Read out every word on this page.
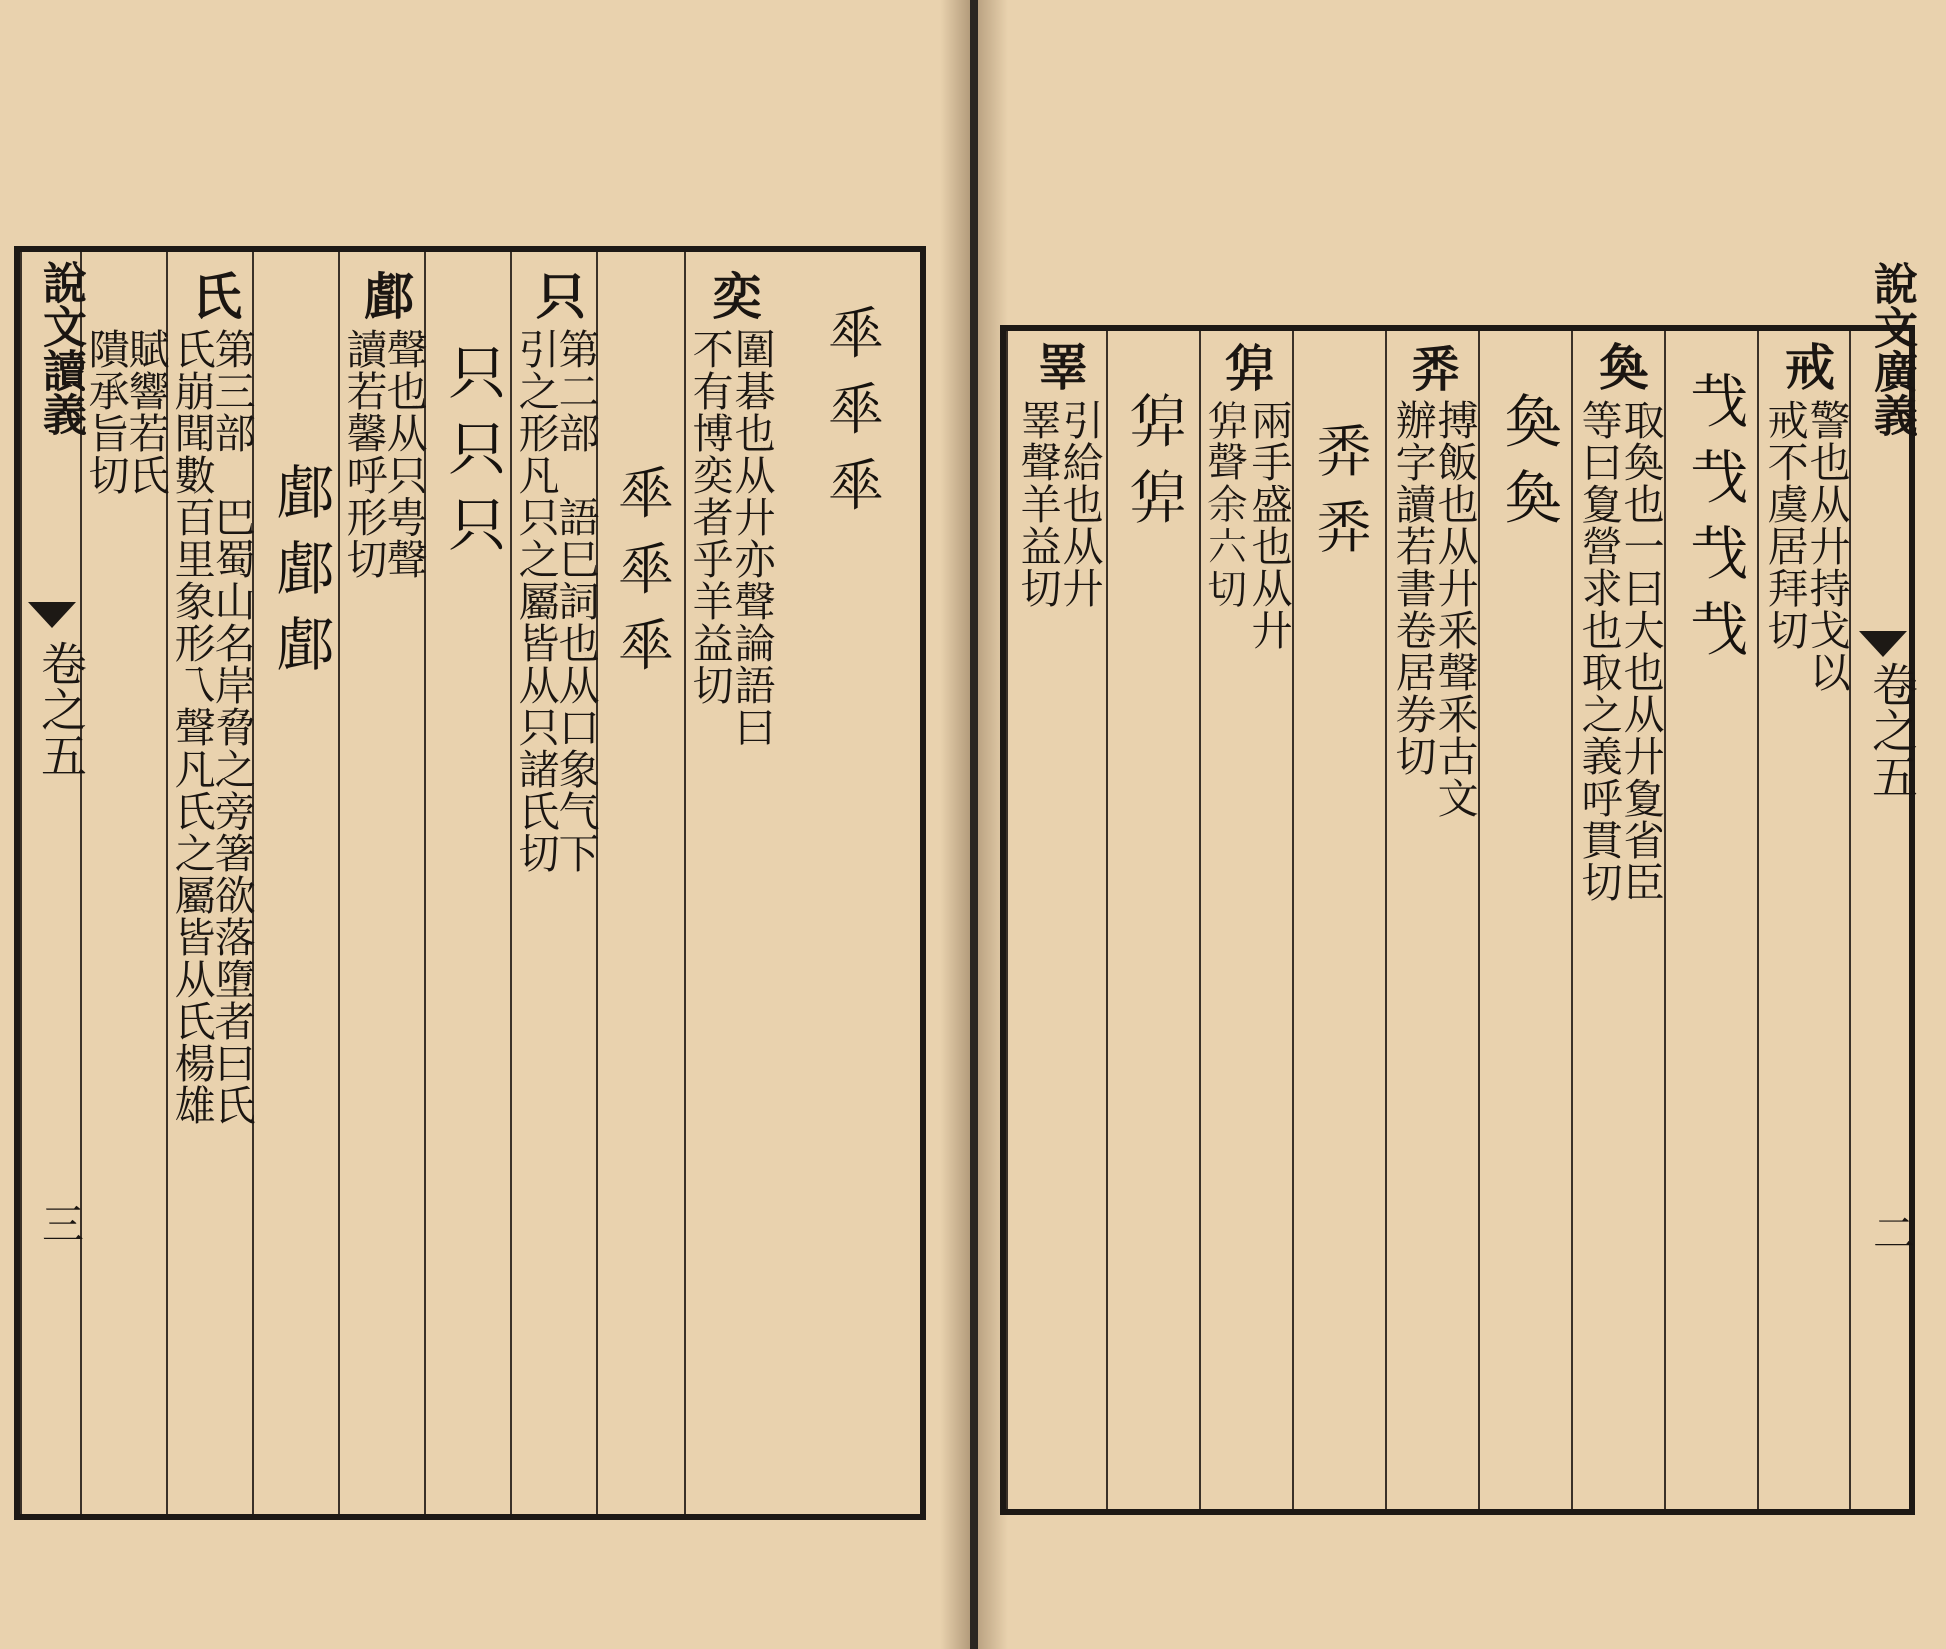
𠦬𠦬𠦬
奕
圍碁也从廾亦聲論語曰
不有博奕者乎羊益切
𠦬𠦬𠦬
只
第二部　語巳詞也从口象气下
引之形凡只之屬皆从只諸氏切
只只只
䣜
聲也从只甹聲
讀若馨呼形切
䣜䣜䣜
氏
第三部　巴蜀山名岸脅之旁箸欲落墮者曰氏
氏崩聞數百里象形乁聲凡氏之屬皆从氏楊雄
賦響若氏
隤承旨切
說文讀義
卷之五
三
說文廣義
卷之五
二
戒
警也从廾持戈以
戒不虞居拜切
𢦏𢦏𢦏𢦏
奐
取奐也一曰大也从廾夐省臣
等曰夐營求也取之義呼貫切
奐奐
𢍏
搏飯也从廾釆聲釆古文
辦字讀若書卷居券切
𢍏𢍏
𢍑
兩手盛也从廾
𢍑聲余六切
𢍑𢍑
睪
引給也从廾
睪聲羊益切
